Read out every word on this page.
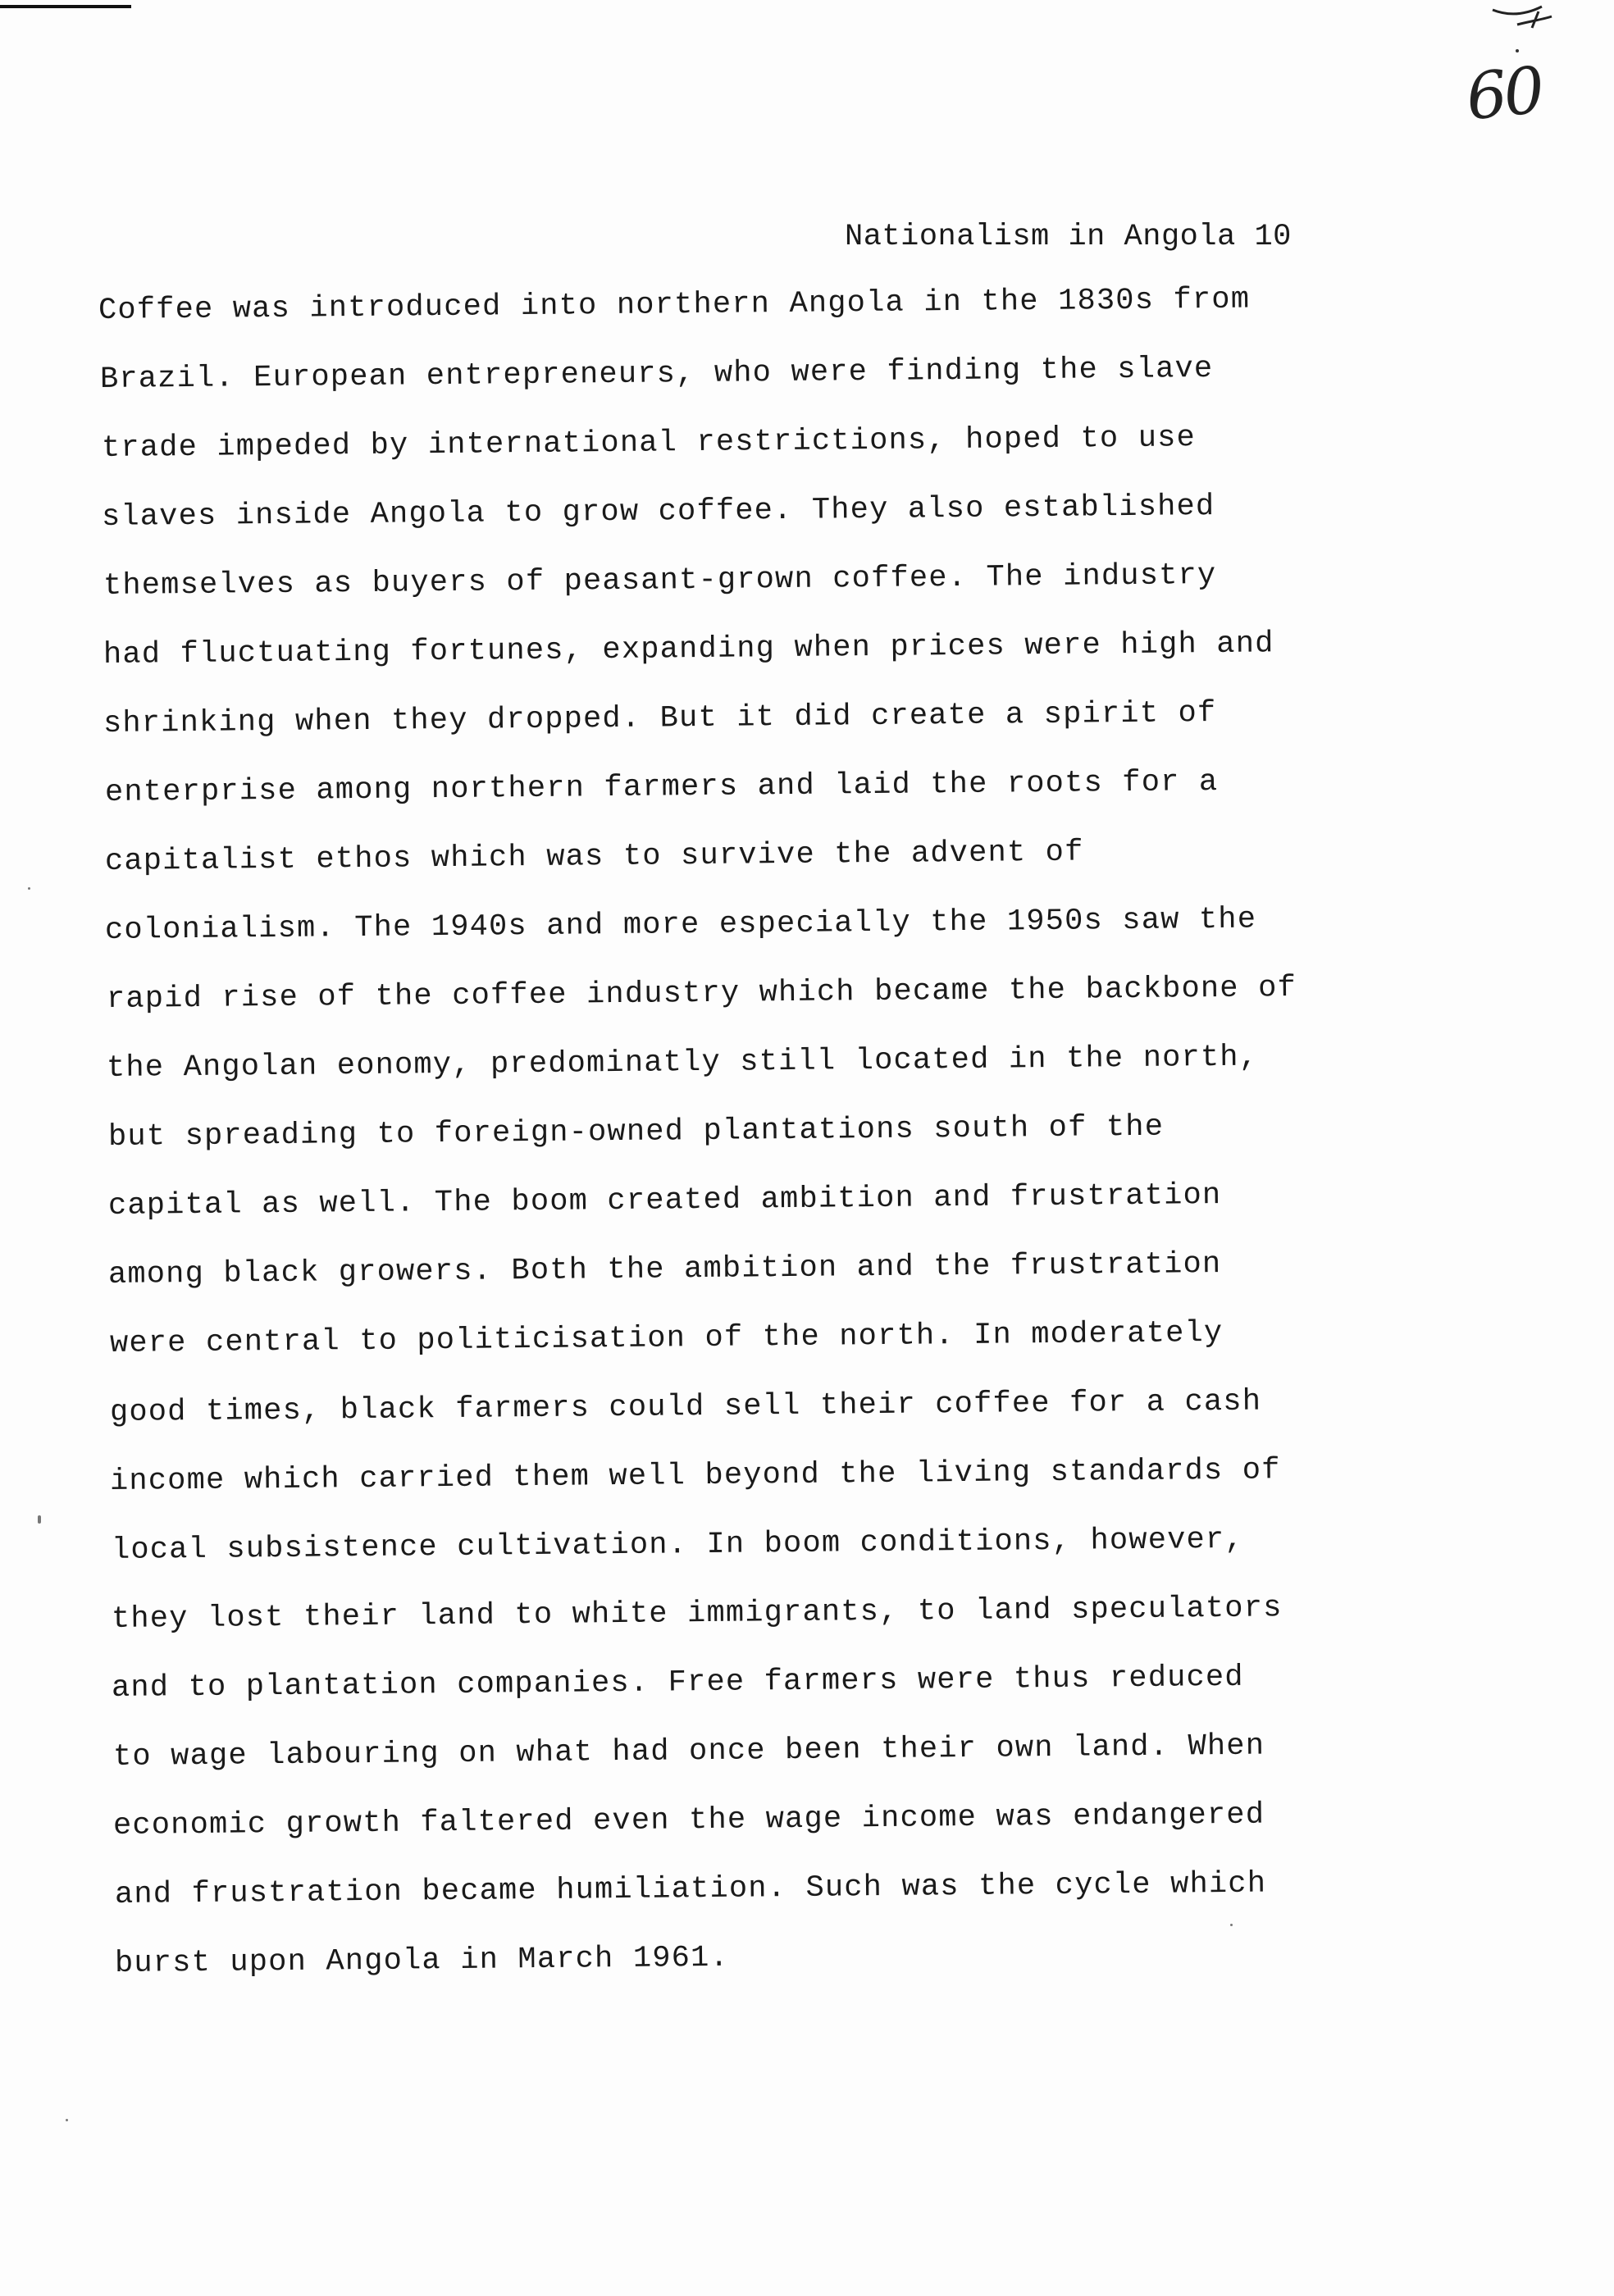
60
Nationalism in Angola 10
Coffee was introduced into northern Angola in the 1830s from
Brazil. European entrepreneurs, who were finding the slave
trade impeded by international restrictions, hoped to use
slaves inside Angola to grow coffee. They also established
themselves as buyers of peasant-grown coffee. The industry
had fluctuating fortunes, expanding when prices were high and
shrinking when they dropped. But it did create a spirit of
enterprise among northern farmers and laid the roots for a
capitalist ethos which was to survive the advent of
colonialism. The 1940s and more especially the 1950s saw the
rapid rise of the coffee industry which became the backbone of
the Angolan eonomy, predominatly still located in the north,
but spreading to foreign-owned plantations south of the
capital as well. The boom created ambition and frustration
among black growers. Both the ambition and the frustration
were central to politicisation of the north. In moderately
good times, black farmers could sell their coffee for a cash
income which carried them well beyond the living standards of
local subsistence cultivation. In boom conditions, however,
they lost their land to white immigrants, to land speculators
and to plantation companies. Free farmers were thus reduced
to wage labouring on what had once been their own land. When
economic growth faltered even the wage income was endangered
and frustration became humiliation. Such was the cycle which
burst upon Angola in March 1961.
